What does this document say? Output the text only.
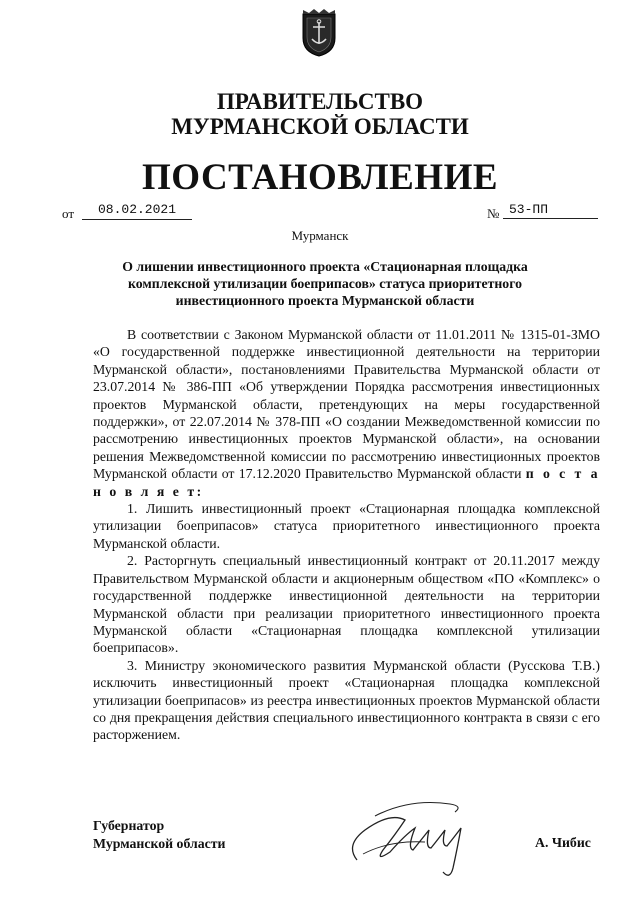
ПРАВИТЕЛЬСТВО
МУРМАНСКОЙ ОБЛАСТИ
ПОСТАНОВЛЕНИЕ
от	08.02.2021	№ 53-ПП
Мурманск
О лишении инвестиционного проекта «Стационарная площадка комплексной утилизации боеприпасов» статуса приоритетного инвестиционного проекта Мурманской области

В соответствии с Законом Мурманской области от 11.01.2011 № 1315-01-ЗМО «О государственной поддержке инвестиционной деятельности на территории Мурманской области», постановлениями Правительства Мурманской области от 23.07.2014 № 386-ПП «Об утверждении Порядка рассмотрения инвестиционных проектов Мурманской области, претендующих на меры государственной поддержки», от 22.07.2014 № 378-ПП «О создании Межведомственной комиссии по рассмотрению инвестиционных проектов Мурманской области», на основании решения Межведомственной комиссии по рассмотрению инвестиционных проектов Мурманской области от 17.12.2020 Правительство Мурманской области п о с т а н о в л я е т:

1. Лишить инвестиционный проект «Стационарная площадка комплексной утилизации боеприпасов» статуса приоритетного инвестиционного проекта Мурманской области.

2. Расторгнуть специальный инвестиционный контракт от 20.11.2017 между Правительством Мурманской области и акционерным обществом «ПО «Комплекс» о государственной поддержке инвестиционной деятельности на территории Мурманской области при реализации приоритетного инвестиционного проекта Мурманской области «Стационарная площадка комплексной утилизации боеприпасов».

3. Министру экономического развития Мурманской области (Русскова Т.В.) исключить инвестиционный проект «Стационарная площадка комплексной утилизации боеприпасов» из реестра инвестиционных проектов Мурманской области со дня прекращения действия специального инвестиционного контракта в связи с его расторжением.

Губернатор
Мурманской области	А. Чибис
